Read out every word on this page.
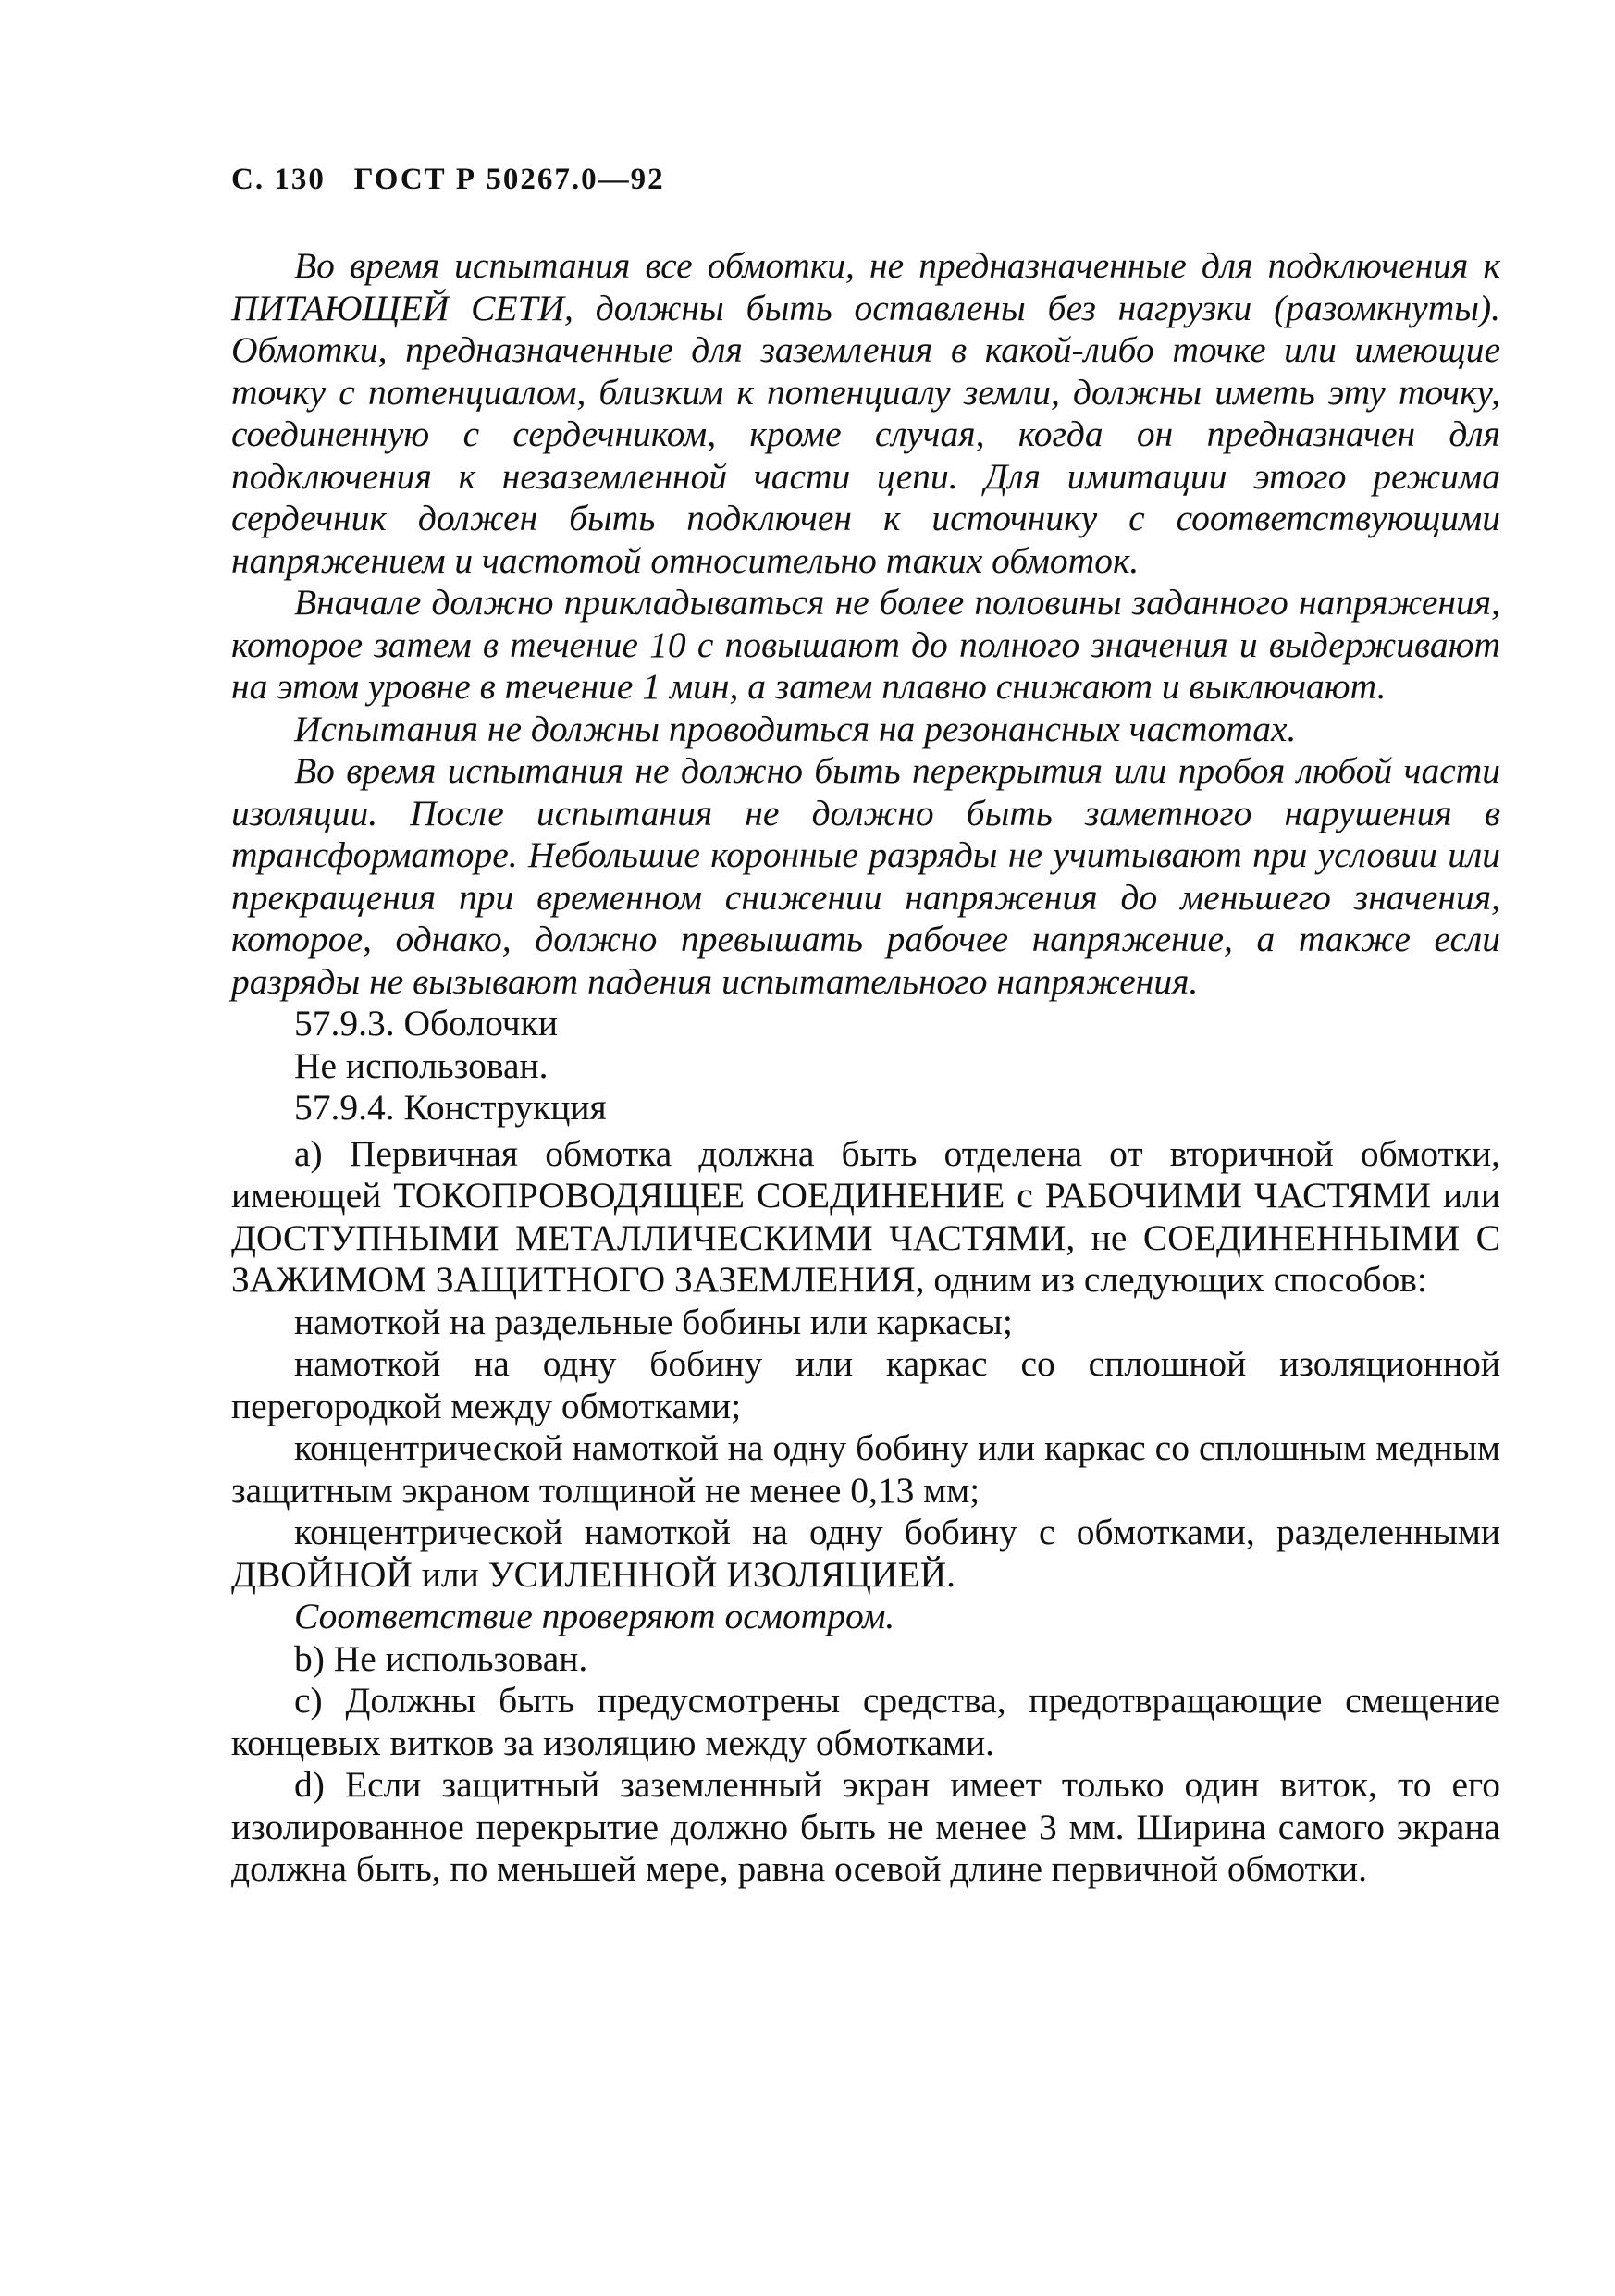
С. 130 ГОСТ Р 50267.0—92

Во время испытания все обмотки, не предназначенные для подключения к ПИТАЮЩЕЙ СЕТИ, должны быть оставлены без нагрузки (разомкнуты). Обмотки, предназначенные для заземления в какой-либо точке или имеющие точку с потенциалом, близким к потенциалу земли, должны иметь эту точку, соединенную с сердечником, кроме случая, когда он предназначен для подключения к незаземленной части цепи. Для имитации этого режима сердечник должен быть подключен к источнику с соответствующими напряжением и частотой относительно таких обмоток.

Вначале должно прикладываться не более половины заданного напряжения, которое затем в течение 10 с повышают до полного значения и выдерживают на этом уровне в течение 1 мин, а затем плавно снижают и выключают.

Испытания не должны проводиться на резонансных частотах.

Во время испытания не должно быть перекрытия или пробоя любой части изоляции. После испытания не должно быть заметного нарушения в трансформаторе. Небольшие коронные разряды не учитывают при условии или прекращения при временном снижении напряжения до меньшего значения, которое, однако, должно превышать рабочее напряжение, а также если разряды не вызывают падения испытательного напряжения.

57.9.3. Оболочки

Не использован.

57.9.4. Конструкция

а) Первичная обмотка должна быть отделена от вторичной обмотки, имеющей ТОКОПРОВОДЯЩЕЕ СОЕДИНЕНИЕ с РАБОЧИМИ ЧАСТЯМИ или ДОСТУПНЫМИ МЕТАЛЛИЧЕСКИМИ ЧАСТЯМИ, не СОЕДИНЕННЫМИ С ЗАЖИМОМ ЗАЩИТНОГО ЗАЗЕМЛЕНИЯ, одним из следующих способов:

намоткой на раздельные бобины или каркасы;

намоткой на одну бобину или каркас со сплошной изоляционной перегородкой между обмотками;

концентрической намоткой на одну бобину или каркас со сплошным медным защитным экраном толщиной не менее 0,13 мм;

концентрической намоткой на одну бобину с обмотками, разделенными ДВОЙНОЙ или УСИЛЕННОЙ ИЗОЛЯЦИЕЙ.

Соответствие проверяют осмотром.

b) Не использован.

c) Должны быть предусмотрены средства, предотвращающие смещение концевых витков за изоляцию между обмотками.

d) Если защитный заземленный экран имеет только один виток, то его изолированное перекрытие должно быть не менее 3 мм. Ширина самого экрана должна быть, по меньшей мере, равна осевой длине первичной обмотки.
